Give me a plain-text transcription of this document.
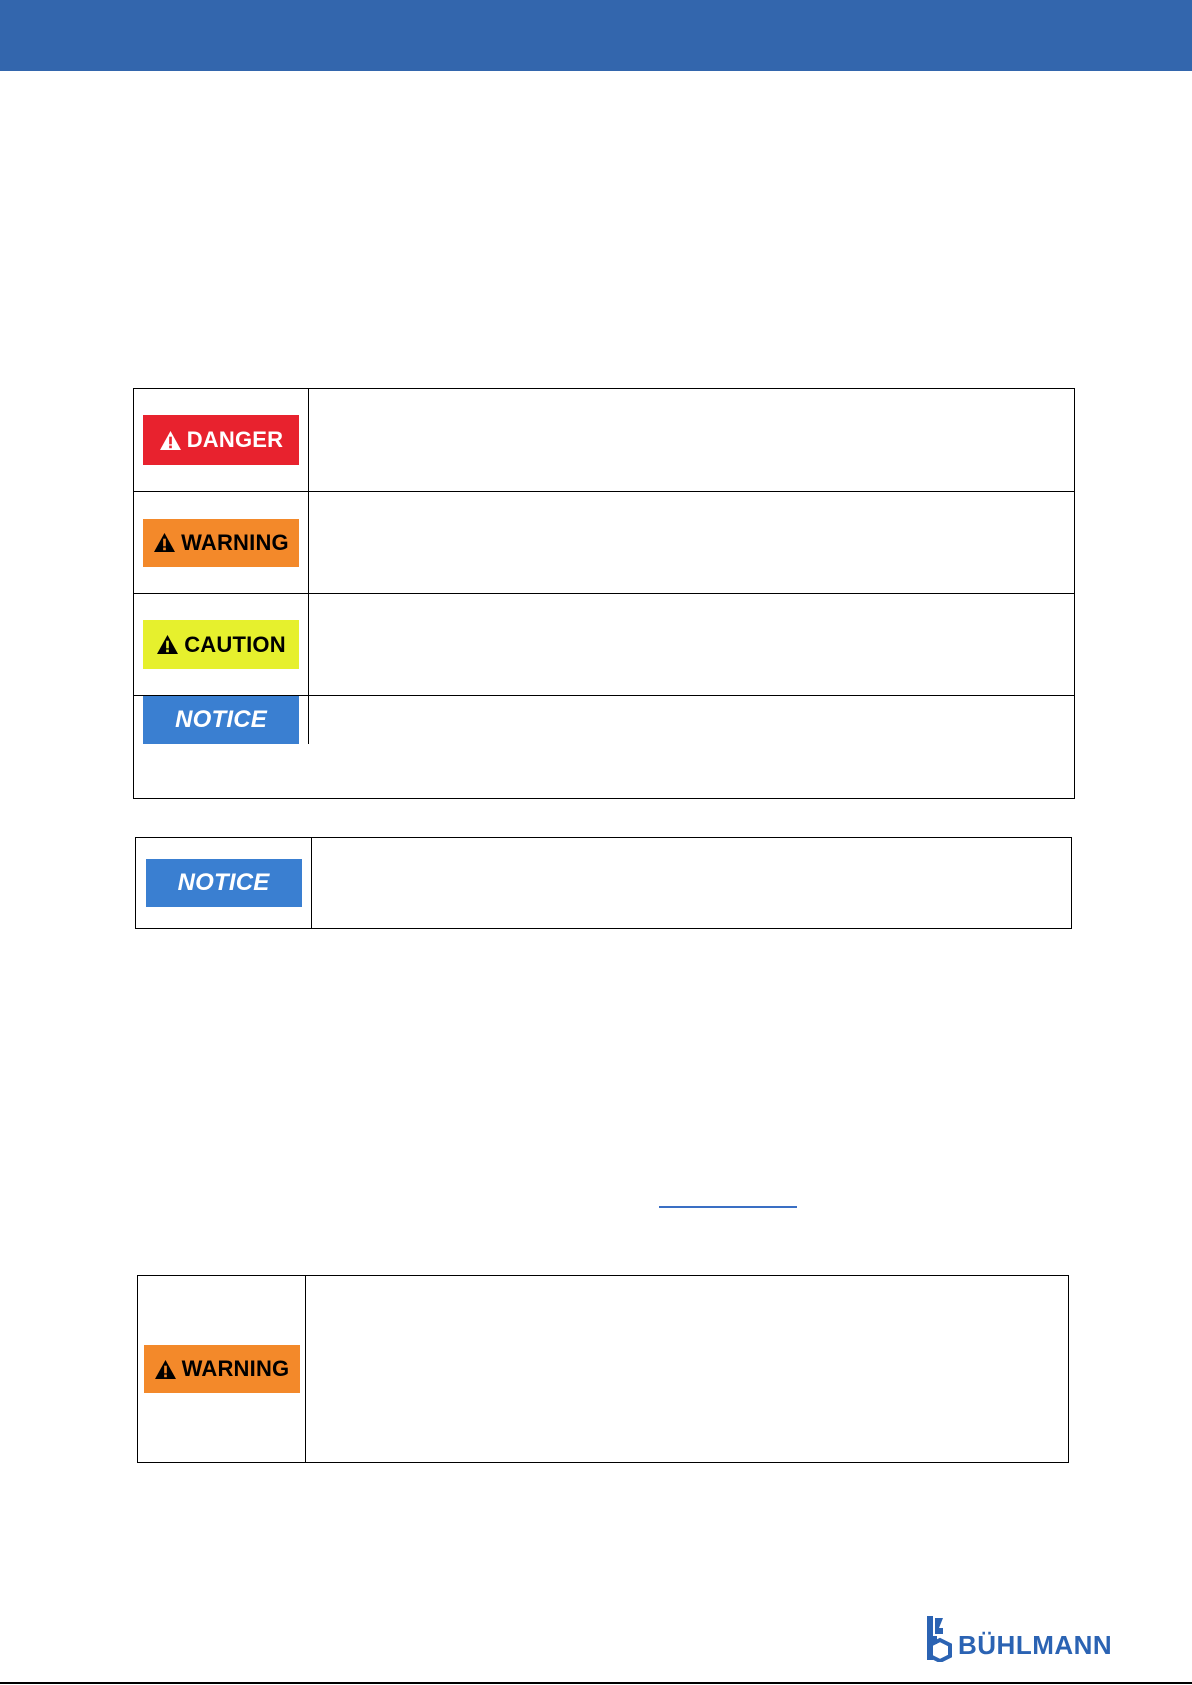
DANGER
WARNING
CAUTION
NOTICE
NOTICE
WARNING
BÜHLMANN
